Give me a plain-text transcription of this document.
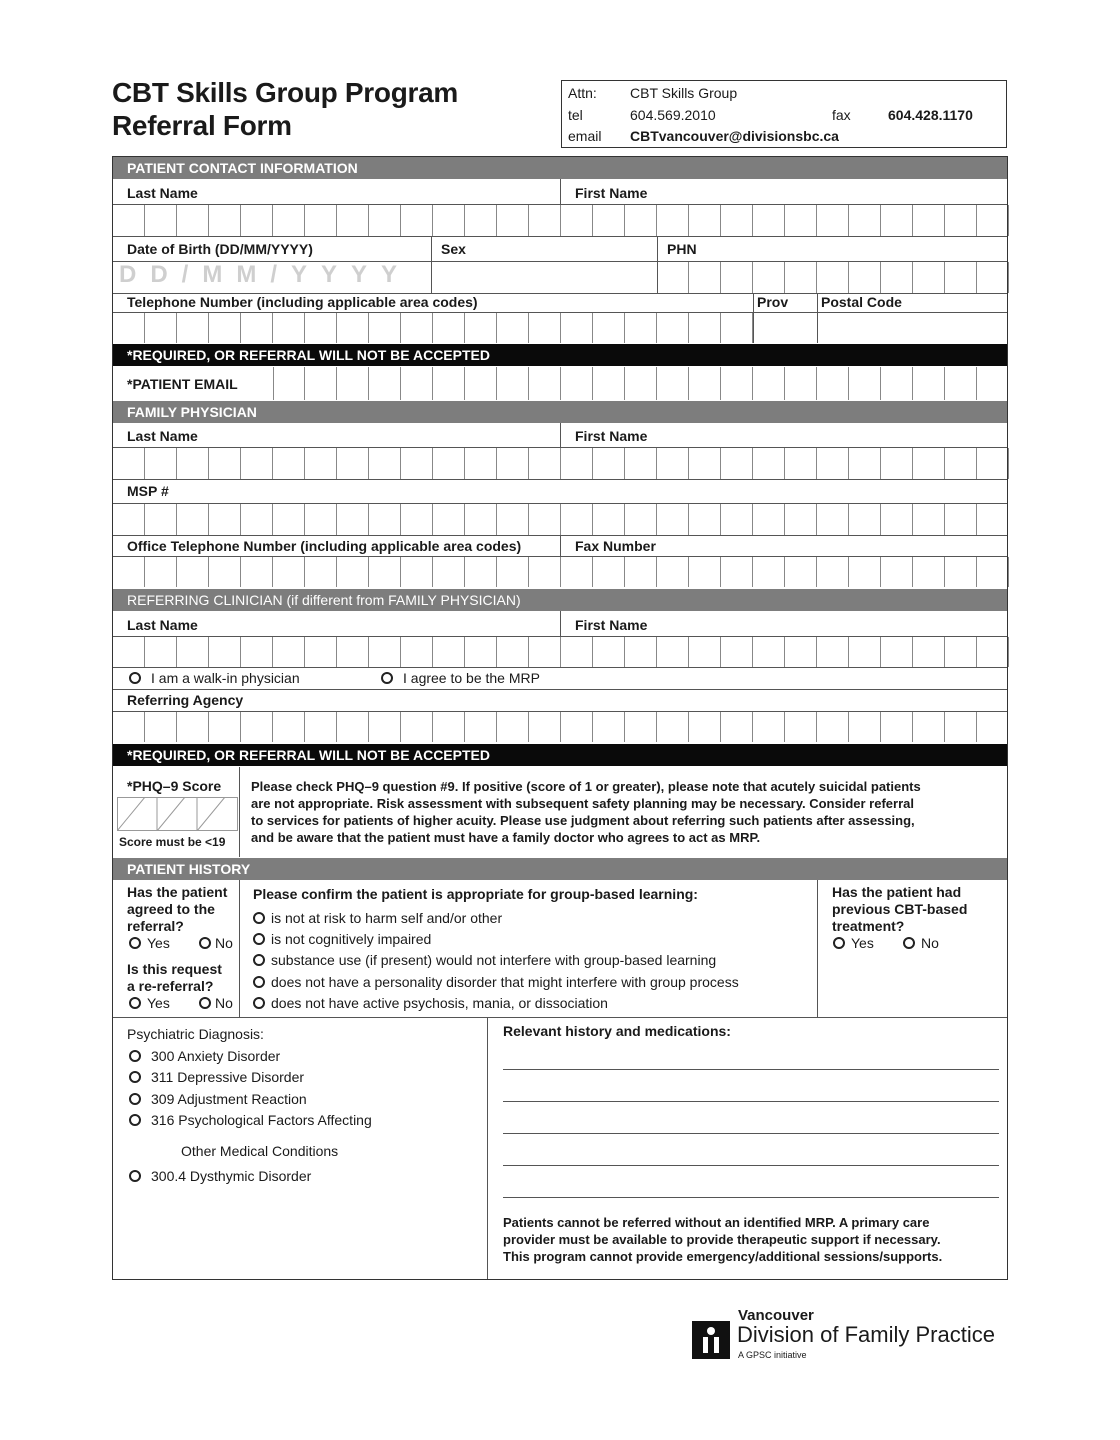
CBT Skills Group Program
Referral Form
Attn: CBT Skills Group
tel	604.569.2010	fax	604.428.1170
email CBTvancouver@divisionsbc.ca
PATIENT CONTACT INFORMATION
Last Name	First Name
Date of Birth (DD/MM/YYYY)	Sex	PHN
DD/MM/YYYY
Telephone Number (including applicable area codes)	Prov Postal Code
*REQUIRED, OR REFERRAL WILL NOT BE ACCEPTED
*PATIENT EMAIL
FAMILY PHYSICIAN
Last Name	First Name
MSP #
Office Telephone Number (including applicable area codes)	Fax Number
REFERRING CLINICIAN (if different from FAMILY PHYSICIAN)
Last Name	First Name
I am a walk-in physician	I agree to be the MRP
Referring Agency
*REQUIRED, OR REFERRAL WILL NOT BE ACCEPTED
*PHQ–9 Score
Score must be <19
Please check PHQ–9 question #9. If positive (score of 1 or greater), please note that acutely suicidal patients
are not appropriate. Risk assessment with subsequent safety planning may be necessary. Consider referral
to services for patients of higher acuity. Please use judgment about referring such patients after assessing,
and be aware that the patient must have a family doctor who agrees to act as MRP.
PATIENT HISTORY
Has the patient
agreed to the
referral?
Yes	No
Is this request
a re-referral?
Yes	No
Please confirm the patient is appropriate for group-based learning:
is not at risk to harm self and/or other
is not cognitively impaired
substance use (if present) would not interfere with group-based learning
does not have a personality disorder that might interfere with group process
does not have active psychosis, mania, or dissociation
Has the patient had
previous CBT-based
treatment?
Yes	No
Psychiatric Diagnosis:
300 Anxiety Disorder
311 Depressive Disorder
309 Adjustment Reaction
316 Psychological Factors Affecting
Other Medical Conditions
300.4 Dysthymic Disorder
Relevant history and medications:
Patients cannot be referred without an identified MRP. A primary care
provider must be available to provide therapeutic support if necessary.
This program cannot provide emergency/additional sessions/supports.
Vancouver
Division of Family Practice
A GPSC initiative
